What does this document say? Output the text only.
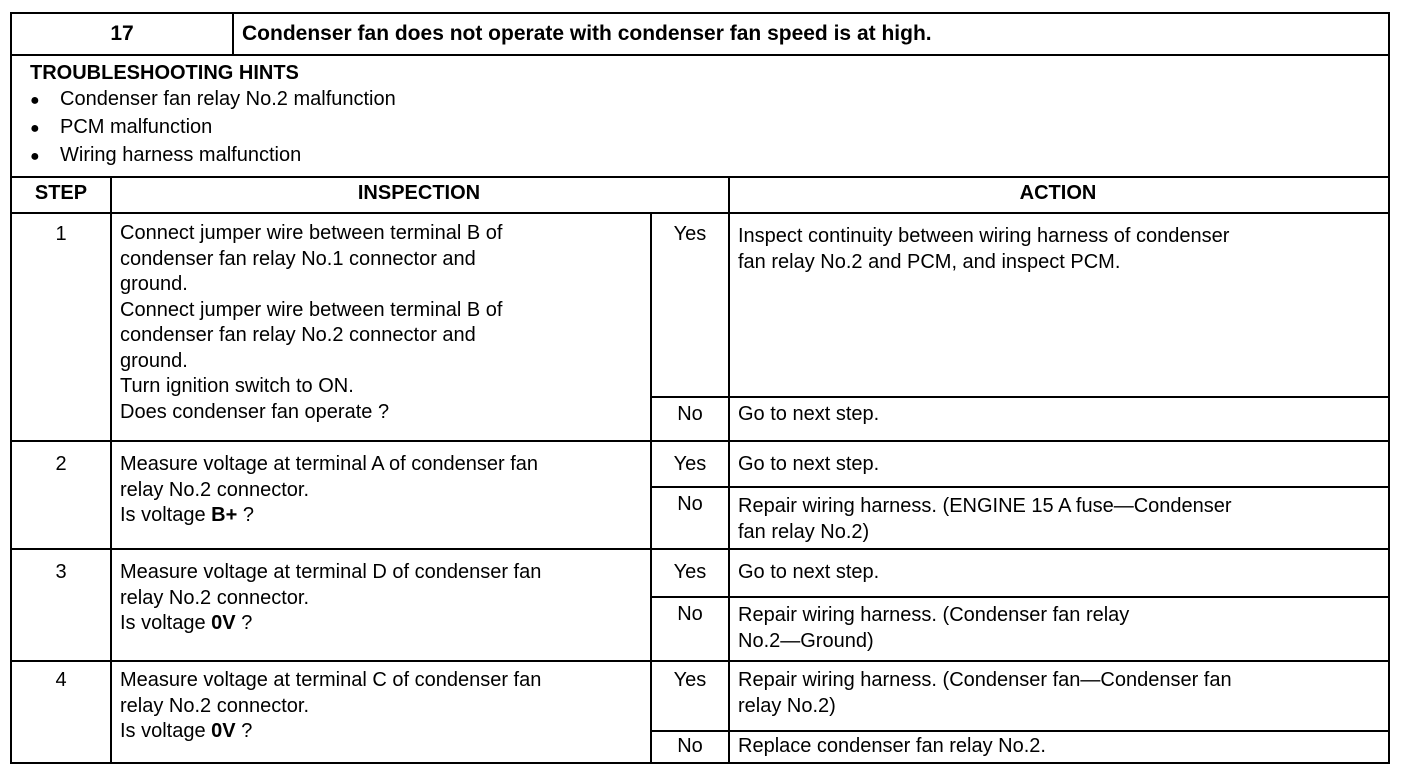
17	Condenser fan does not operate with condenser fan speed is at high.
TROUBLESHOOTING HINTS
● Condenser fan relay No.2 malfunction
● PCM malfunction
● Wiring harness malfunction
STEP	INSPECTION	ACTION
1	Connect jumper wire between terminal B of
condenser fan relay No.1 connector and
ground.
Connect jumper wire between terminal B of
condenser fan relay No.2 connector and
ground.
Turn ignition switch to ON.
Does condenser fan operate ?
Yes	Inspect continuity between wiring harness of condenser
fan relay No.2 and PCM, and inspect PCM.
No	Go to next step.
2	Measure voltage at terminal A of condenser fan
relay No.2 connector.
Is voltage B+ ?
Yes	Go to next step.
No	Repair wiring harness. (ENGINE 15 A fuse—Condenser
fan relay No.2)
3	Measure voltage at terminal D of condenser fan
relay No.2 connector.
Is voltage 0V ?
Yes	Go to next step.
No	Repair wiring harness. (Condenser fan relay
No.2—Ground)
4	Measure voltage at terminal C of condenser fan
relay No.2 connector.
Is voltage 0V ?
Yes	Repair wiring harness. (Condenser fan—Condenser fan
relay No.2)
No	Replace condenser fan relay No.2.
